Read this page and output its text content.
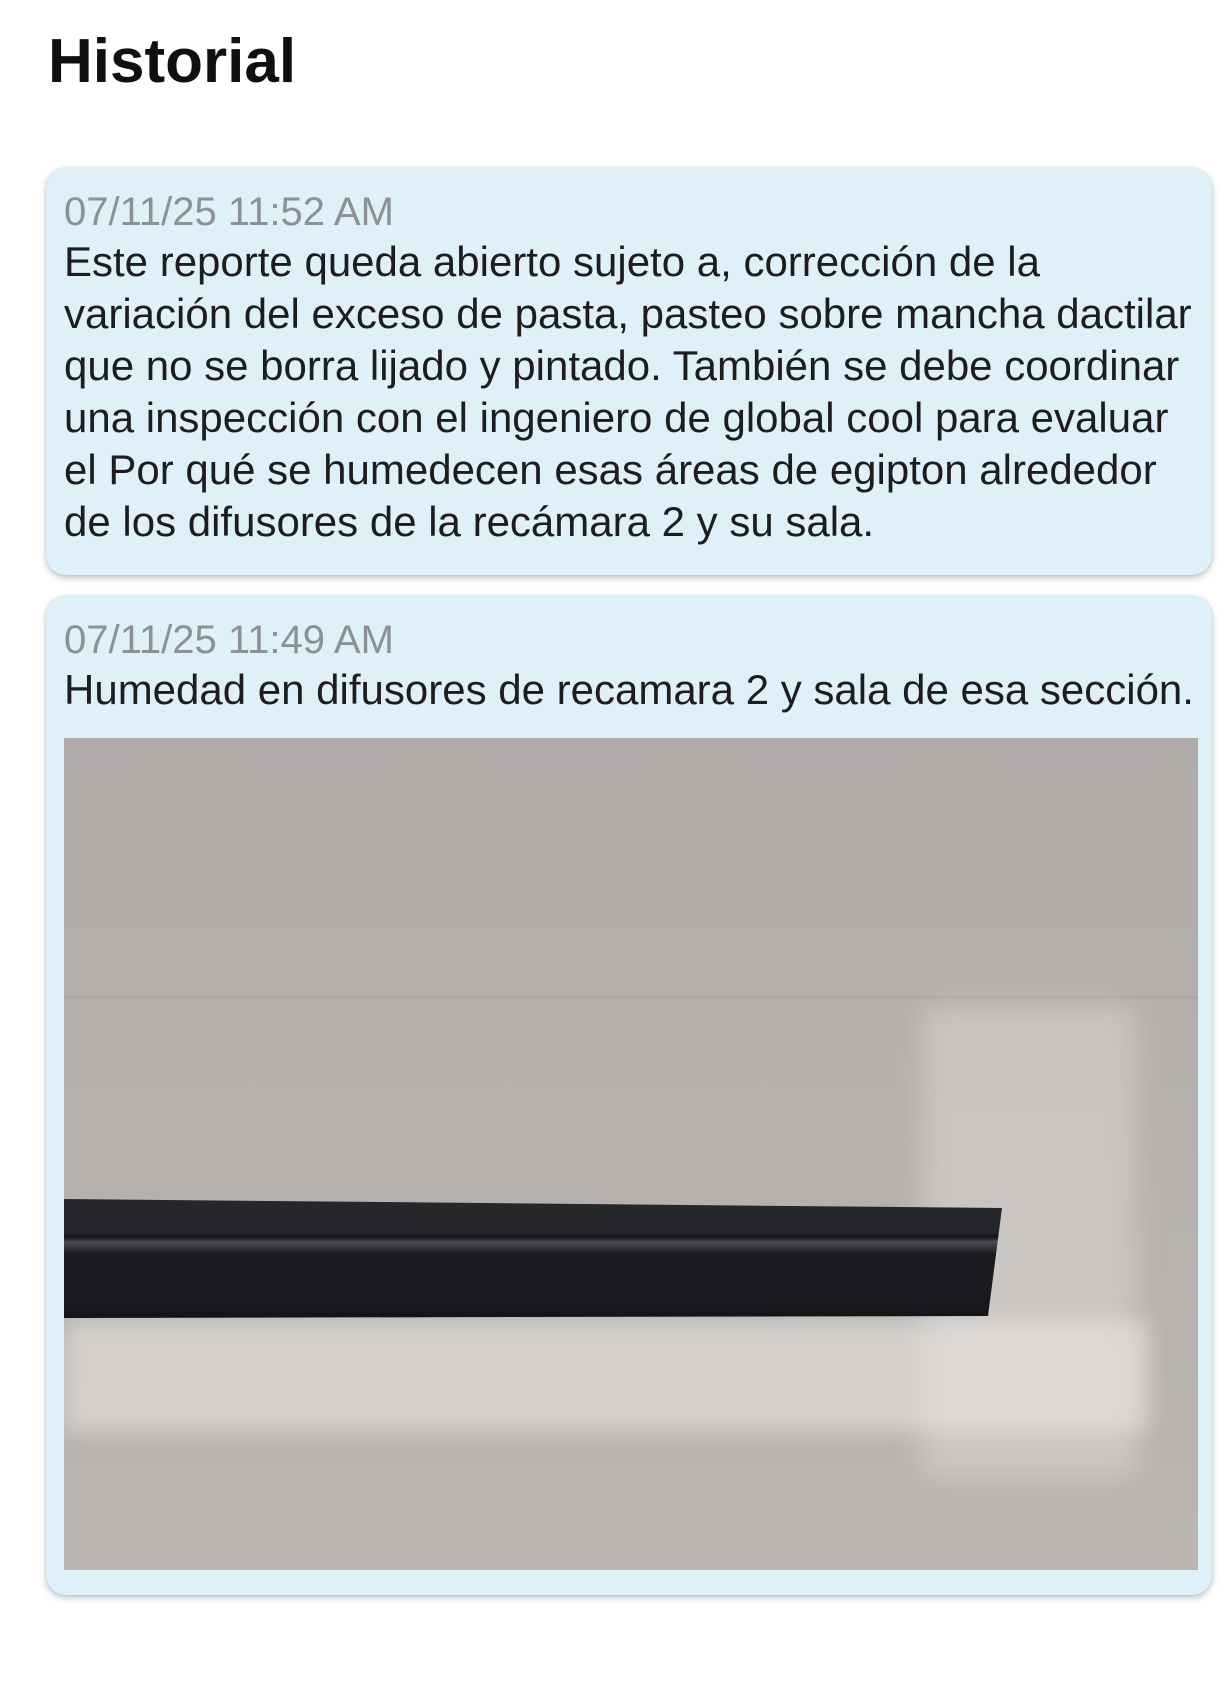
Historial
07/11/25 11:52 AM
Este reporte queda abierto sujeto a, corrección de la variación del exceso de pasta, pasteo sobre mancha dactilar que no se borra lijado y pintado. También se debe coordinar una inspección con el ingeniero de global cool para evaluar el Por qué se humedecen esas áreas de egipton alrededor de los difusores de la recámara 2 y su sala.
07/11/25 11:49 AM
Humedad en difusores de recamara 2 y sala de esa sección.
